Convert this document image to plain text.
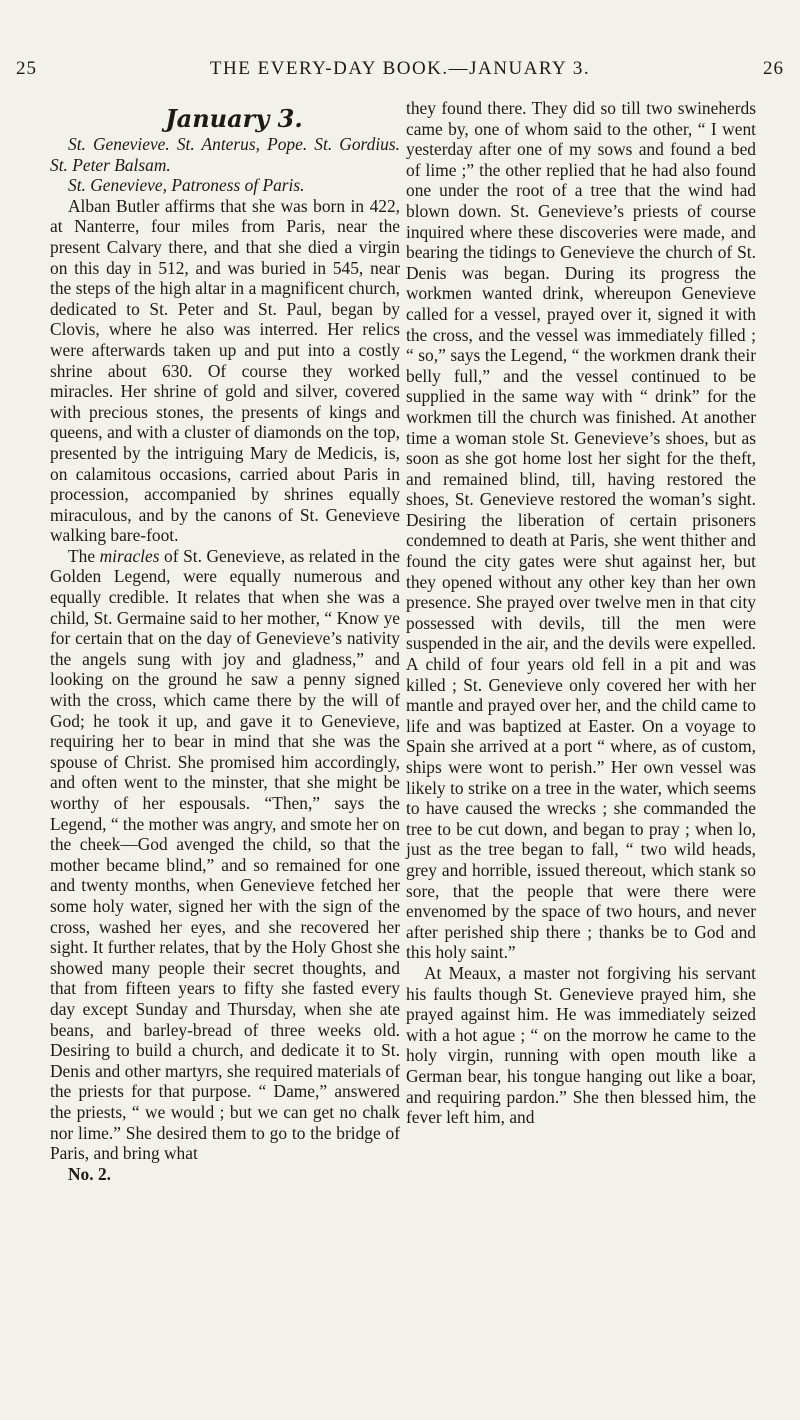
25	THE EVERY-DAY BOOK.—JANUARY 3.	26

January 3.

St. Genevieve. St. Anterus, Pope. St. Gordius. St. Peter Balsam.

St. Genevieve, Patroness of Paris.

Alban Butler affirms that she was born in 422, at Nanterre, four miles from Paris, near the present Calvary there, and that she died a virgin on this day in 512, and was buried in 545, near the steps of the high altar in a magnificent church, dedicated to St. Peter and St. Paul, began by Clovis, where he also was interred. Her relics were afterwards taken up and put into a costly shrine about 630. Of course they worked miracles. Her shrine of gold and silver, covered with precious stones, the presents of kings and queens, and with a cluster of diamonds on the top, presented by the intriguing Mary de Medicis, is, on calamitous occasions, carried about Paris in procession, accompanied by shrines equally miraculous, and by the canons of St. Genevieve walking bare-foot.

The miracles of St. Genevieve, as related in the Golden Legend, were equally numerous and equally credible. It relates that when she was a child, St. Germaine said to her mother, “ Know ye for certain that on the day of Genevieve’s nativity the angels sung with joy and gladness,” and looking on the ground he saw a penny signed with the cross, which came there by the will of God; he took it up, and gave it to Genevieve, requiring her to bear in mind that she was the spouse of Christ. She promised him accordingly, and often went to the minster, that she might be worthy of her espousals. “Then,” says the Legend, “ the mother was angry, and smote her on the cheek—God avenged the child, so that the mother became blind,” and so remained for one and twenty months, when Genevieve fetched her some holy water, signed her with the sign of the cross, washed her eyes, and she recovered her sight. It further relates, that by the Holy Ghost she showed many people their secret thoughts, and that from fifteen years to fifty she fasted every day except Sunday and Thursday, when she ate beans, and barley-bread of three weeks old. Desiring to build a church, and dedicate it to St. Denis and other martyrs, she required materials of the priests for that purpose. “ Dame,” answered the priests, “ we would ; but we can get no chalk nor lime.” She desired them to go to the bridge of Paris, and bring what

No. 2.

they found there. They did so till two swineherds came by, one of whom said to the other, “ I went yesterday after one of my sows and found a bed of lime ;” the other replied that he had also found one under the root of a tree that the wind had blown down. St. Genevieve’s priests of course inquired where these discoveries were made, and bearing the tidings to Genevieve the church of St. Denis was began. During its progress the workmen wanted drink, whereupon Genevieve called for a vessel, prayed over it, signed it with the cross, and the vessel was immediately filled ; “ so,” says the Legend, “ the workmen drank their belly full,” and the vessel continued to be supplied in the same way with “ drink” for the workmen till the church was finished. At another time a woman stole St. Genevieve’s shoes, but as soon as she got home lost her sight for the theft, and remained blind, till, having restored the shoes, St. Genevieve restored the woman’s sight. Desiring the liberation of certain prisoners condemned to death at Paris, she went thither and found the city gates were shut against her, but they opened without any other key than her own presence. She prayed over twelve men in that city possessed with devils, till the men were suspended in the air, and the devils were expelled. A child of four years old fell in a pit and was killed ; St. Genevieve only covered her with her mantle and prayed over her, and the child came to life and was baptized at Easter. On a voyage to Spain she arrived at a port “ where, as of custom, ships were wont to perish.” Her own vessel was likely to strike on a tree in the water, which seems to have caused the wrecks ; she commanded the tree to be cut down, and began to pray ; when lo, just as the tree began to fall, “ two wild heads, grey and horrible, issued thereout, which stank so sore, that the people that were there were envenomed by the space of two hours, and never after perished ship there ; thanks be to God and this holy saint.”

At Meaux, a master not forgiving his servant his faults though St. Genevieve prayed him, she prayed against him. He was immediately seized with a hot ague ; “ on the morrow he came to the holy virgin, running with open mouth like a German bear, his tongue hanging out like a boar, and requiring pardon.” She then blessed him, the fever left him, and
